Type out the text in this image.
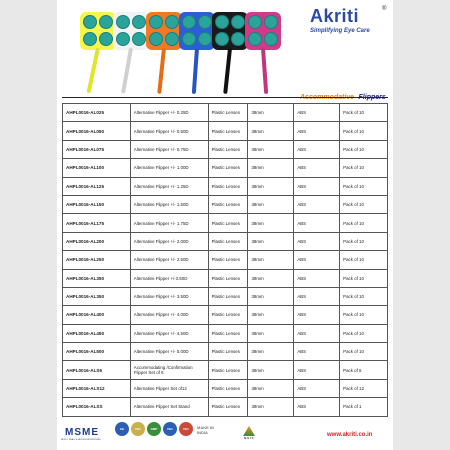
Akriti	®
Simplifying Eye Care
AHPL0016-AL025	Alternative Flipper +/- 0.25D	Plastic Lenses	38mm	ABS	Pack of 10
AHPL0016-AL050	Alternative Flipper +/- 0.50D	Plastic Lenses	38mm	ABS	Pack of 10
AHPL0016-AL075	Alternative Flipper +/- 0.75D	Plastic Lenses	38mm	ABS	Pack of 10
AHPL0016-AL100	Alternative Flipper +/- 1.00D	Plastic Lenses	38mm	ABS	Pack of 10
AHPL0016-AL125	Alternative Flipper +/- 1.25D	Plastic Lenses	38mm	ABS	Pack of 10
AHPL0016-AL150	Alternative Flipper +/- 1.50D	Plastic Lenses	38mm	ABS	Pack of 10
AHPL0016-AL175	Alternative Flipper +/- 1.75D	Plastic Lenses	38mm	ABS	Pack of 10
AHPL0016-AL200	Alternative Flipper +/- 2.00D	Plastic Lenses	38mm	ABS	Pack of 10
AHPL0016-AL250	Alternative Flipper +/- 2.50D	Plastic Lenses	38mm	ABS	Pack of 10
AHPL0016-AL350	Alternative Flipper +/-3.50D	Plastic Lenses	38mm	ABS	Pack of 10
AHPL0016-AL350	Alternative Flipper +/- 3.50D	Plastic Lenses	38mm	ABS	Pack of 10
AHPL0016-AL400	Alternative Flipper +/- 4.00D	Plastic Lenses	38mm	ABS	Pack of 10
AHPL0016-AL450	Alternative Flipper +/- 4.50D	Plastic Lenses	38mm	ABS	Pack of 10
AHPL0016-AL500	Alternative Flipper +/- 5.00D	Plastic Lenses	38mm	ABS	Pack of 10
AHPL0016-ALS6	Accommodating /Confirmation Flipper Set of 6	Plastic Lenses	38mm	ABS	Pack of 6
AHPL0016-ALS12	Alternative Flipper Set of12	Plastic Lenses	38mm	ABS	Pack of 12
AHPL0016-ALSS	Alternative Flipper Set Stand	Plastic Lenses	38mm	ABS	Pack of 1
MSME
MICRO, SMALL & MEDIUM ENTERPRISES
CE	ISO	GMP	ISO	ISO	MAKE IN INDIA
N S I C	www.akriti.co.in
